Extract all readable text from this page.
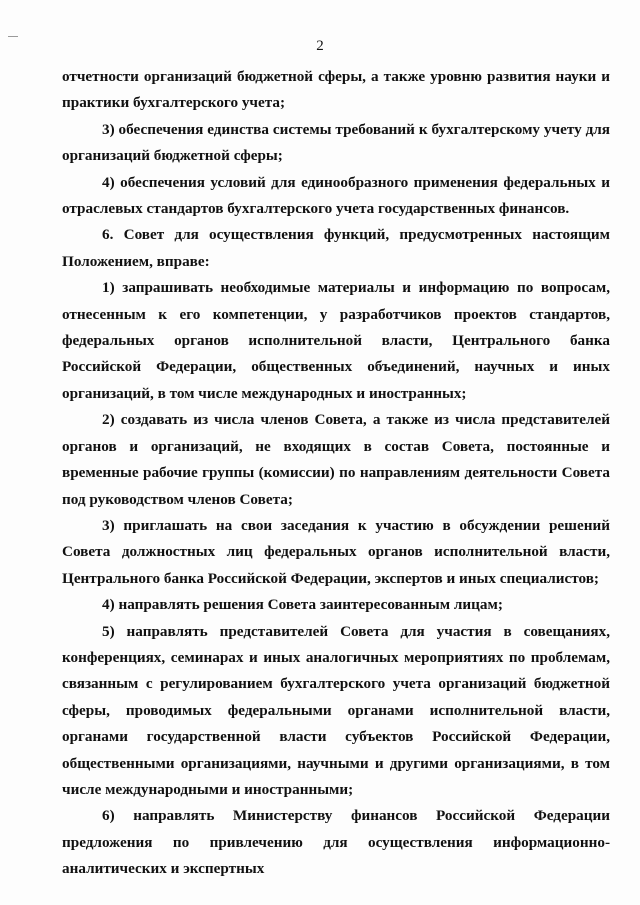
2

отчетности организаций бюджетной сферы, а также уровню развития науки и практики бухгалтерского учета;

3) обеспечения единства системы требований к бухгалтерскому учету для организаций бюджетной сферы;

4) обеспечения условий для единообразного применения федеральных и отраслевых стандартов бухгалтерского учета государственных финансов.

6. Совет для осуществления функций, предусмотренных настоящим Положением, вправе:

1) запрашивать необходимые материалы и информацию по вопросам, отнесенным к его компетенции, у разработчиков проектов стандартов, федеральных органов исполнительной власти, Центрального банка Российской Федерации, общественных объединений, научных и иных организаций, в том числе международных и иностранных;

2) создавать из числа членов Совета, а также из числа представителей органов и организаций, не входящих в состав Совета, постоянные и временные рабочие группы (комиссии) по направлениям деятельности Совета под руководством членов Совета;

3) приглашать на свои заседания к участию в обсуждении решений Совета должностных лиц федеральных органов исполнительной власти, Центрального банка Российской Федерации, экспертов и иных специалистов;

4) направлять решения Совета заинтересованным лицам;

5) направлять представителей Совета для участия в совещаниях, конференциях, семинарах и иных аналогичных мероприятиях по проблемам, связанным с регулированием бухгалтерского учета организаций бюджетной сферы, проводимых федеральными органами исполнительной власти, органами государственной власти субъектов Российской Федерации, общественными организациями, научными и другими организациями, в том числе международными и иностранными;

6) направлять Министерству финансов Российской Федерации предложения по привлечению для осуществления информационно-аналитических и экспертных
